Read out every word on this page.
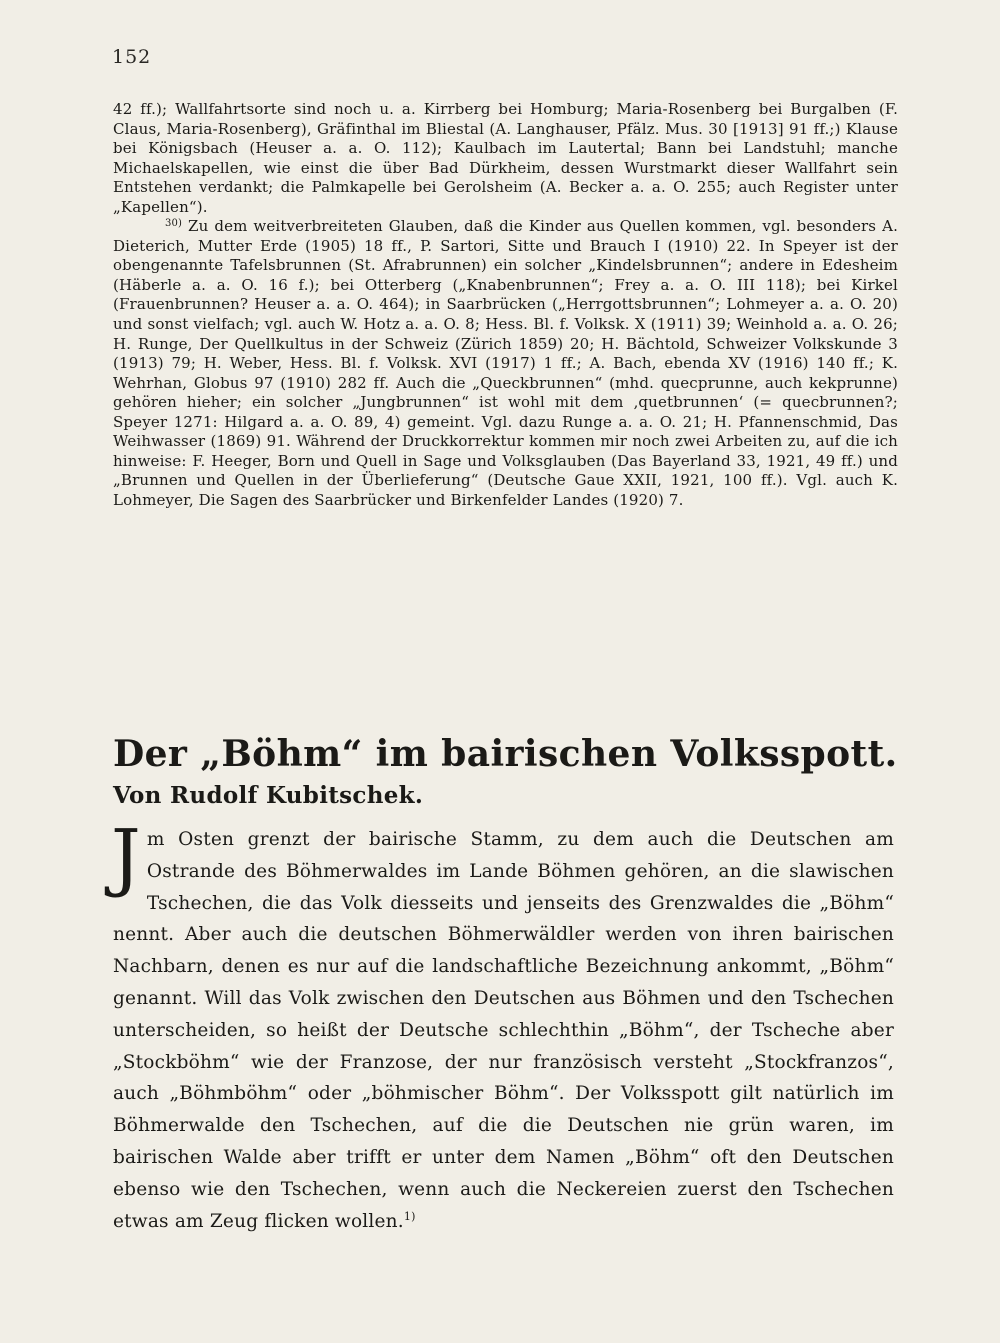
152

42 ff.); Wallfahrtsorte sind noch u. a. Kirrberg bei Homburg; Maria-Rosenberg bei Burgalben (F. Claus, Maria-Rosenberg), Gräfinthal im Bliestal (A. Langhauser, Pfälz. Mus. 30 [1913] 91 ff.;) Klause bei Königsbach (Heuser a. a. O. 112); Kaulbach im Lautertal; Bann bei Landstuhl; manche Michaelskapellen, wie einst die über Bad Dürkheim, dessen Wurstmarkt dieser Wallfahrt sein Entstehen verdankt; die Palmkapelle bei Gerolsheim (A. Becker a. a. O. 255; auch Register unter „Kapellen“).

$^{30)}$ Zu dem weitverbreiteten Glauben, daß die Kinder aus Quellen kommen, vgl. besonders A. Dieterich, Mutter Erde (1905) 18 ff., P. Sartori, Sitte und Brauch I (1910) 22. In Speyer ist der obengenannte Tafelsbrunnen (St. Afrabrunnen) ein solcher „Kindelsbrunnen“; andere in Edesheim (Häberle a. a. O. 16 f.); bei Otterberg („Knabenbrunnen“; Frey a. a. O. III 118); bei Kirkel (Frauenbrunnen? Heuser a. a. O. 464); in Saarbrücken („Herrgottsbrunnen“; Lohmeyer a. a. O. 20) und sonst vielfach; vgl. auch W. Hotz a. a. O. 8; Hess. Bl. f. Volksk. X (1911) 39; Weinhold a. a. O. 26; H. Runge, Der Quellkultus in der Schweiz (Zürich 1859) 20; H. Bächtold, Schweizer Volkskunde 3 (1913) 79; H. Weber, Hess. Bl. f. Volksk. XVI (1917) 1 ff.; A. Bach, ebenda XV (1916) 140 ff.; K. Wehrhan, Globus 97 (1910) 282 ff. Auch die „Queckbrunnen“ (mhd. quecprunne, auch kekprunne) gehören hieher; ein solcher „Jungbrunnen“ ist wohl mit dem ‚quetbrunnen‘ (= quecbrunnen?; Speyer 1271: Hilgard a. a. O. 89, 4) gemeint. Vgl. dazu Runge a. a. O. 21; H. Pfannenschmid, Das Weihwasser (1869) 91. Während der Druckkorrektur kommen mir noch zwei Arbeiten zu, auf die ich hinweise: F. Heeger, Born und Quell in Sage und Volksglauben (Das Bayerland 33, 1921, 49 ff.) und „Brunnen und Quellen in der Überlieferung“ (Deutsche Gaue XXII, 1921, 100 ff.). Vgl. auch K. Lohmeyer, Die Sagen des Saarbrücker und Birkenfelder Landes (1920) 7.

Der „Böhm“ im bairischen Volksspott.
Von Rudolf Kubitschek.

Jm Osten grenzt der bairische Stamm, zu dem auch die Deutschen am Ostrande des Böhmerwaldes im Lande Böhmen gehören, an die slawischen Tschechen, die das Volk diesseits und jenseits des Grenzwaldes die „Böhm“ nennt. Aber auch die deutschen Böhmerwäldler werden von ihren bairischen Nachbarn, denen es nur auf die landschaftliche Bezeichnung ankommt, „Böhm“ genannt. Will das Volk zwischen den Deutschen aus Böhmen und den Tschechen unterscheiden, so heißt der Deutsche schlechthin „Böhm“, der Tscheche aber „Stockböhm“ wie der Franzose, der nur französisch versteht „Stockfranzos“, auch „Böhmböhm“ oder „böhmischer Böhm“. Der Volksspott gilt natürlich im Böhmerwalde den Tschechen, auf die die Deutschen nie grün waren, im bairischen Walde aber trifft er unter dem Namen „Böhm“ oft den Deutschen ebenso wie den Tschechen, wenn auch die Neckereien zuerst den Tschechen etwas am Zeug flicken wollen.$^{1)}$
